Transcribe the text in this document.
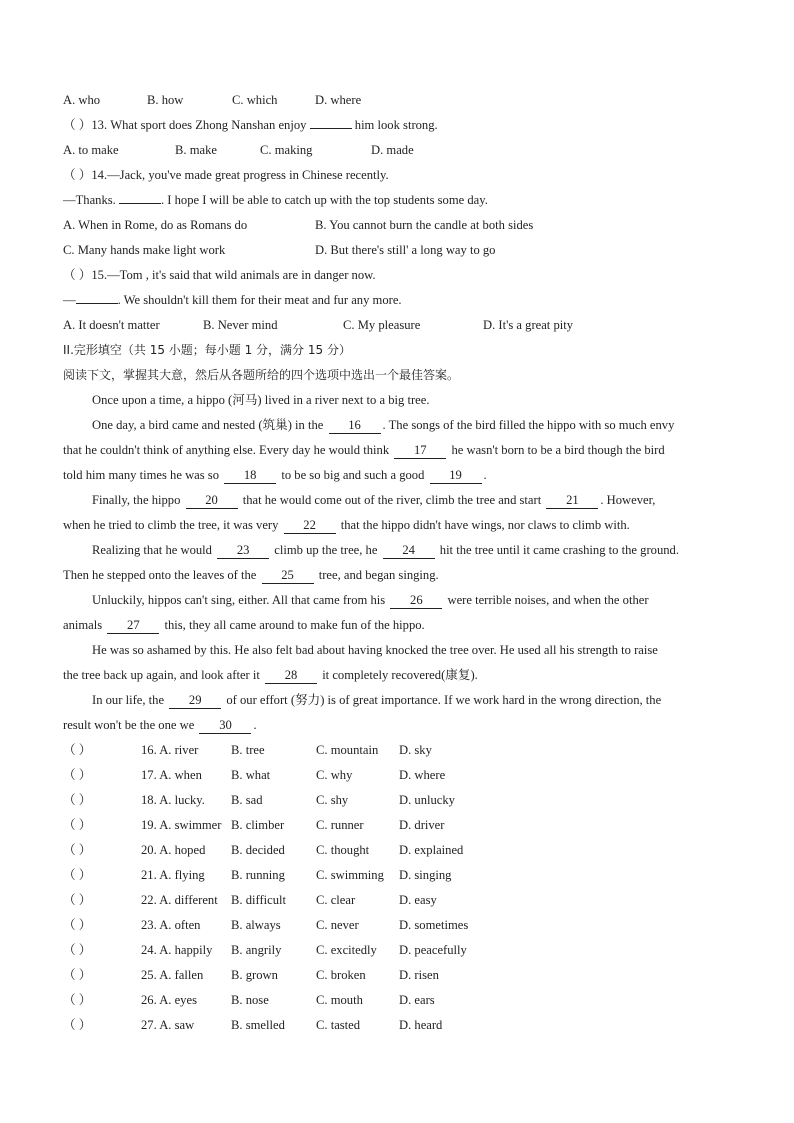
A. who	B. how	C. which	D. where
（ ）13. What sport does Zhong Nanshan enjoy	him look strong.
A. to make	B. make	C. making	D. made
（ ）14.—Jack, you've made great progress in Chinese recently.
—Thanks.	. I hope I will be able to catch up with the top students some day.
A. When in Rome, do as Romans do	B. You cannot burn the candle at both sides
C. Many hands make light work	D. But there's still' a long way to go
（ ）15.—Tom , it's said that wild animals are in danger now.
—	. We shouldn't kill them for their meat and fur any more.
A. It doesn't matter	B. Never mind	C. My pleasure	D. It's a great pity
II.完形填空（共 15 小题；每小题 1 分，满分 15 分）
阅读下文，掌握其大意，然后从各题所给的四个选项中选出一个最佳答案。
Once upon a time, a hippo (河马) lived in a river next to a big tree.
One day, a bird came and nested (筑巢) in the 16 . The songs of the bird filled the hippo with so much envy
that he couldn't think of anything else. Every day he would think 17 he wasn't born to be a bird though the bird
told him many times he was so 18 to be so big and such a good 19 .
Finally, the hippo 20 that he would come out of the river, climb the tree and start 21 . However,
when he tried to climb the tree, it was very 22 that the hippo didn't have wings, nor claws to climb with.
Realizing that he would 23 climb up the tree, he 24 hit the tree until it came crashing to the ground.
Then he stepped onto the leaves of the 25 tree, and began singing.
Unluckily, hippos can't sing, either. All that came from his 26 were terrible noises, and when the other
animals 27 this, they all came around to make fun of the hippo.
He was so ashamed by this. He also felt bad about having knocked the tree over. He used all his strength to raise
the tree back up again, and look after it 28 it completely recovered(康复).
In our life, the 29 of our effort (努力) is of great importance. If we work hard in the wrong direction, the
result won't be the one we 30 .
（ ）	16. A. river	B. tree	C. mountain D. sky
（ ）	17. A. when B. what	C. why	D. where
（ ）	18. A. lucky. B. sad	C. shy	D. unlucky
（ ）	19. A. swimmer B. climber	C. runner	D. driver
（ ）	20. A. hoped B. decided C. thought D. explained
（ ）	21. A. flying B. running C. swimming D. singing
（ ）	22. A. different B. difficult C. clear	D. easy
（ ）	23. A. often B. always	C. never	D. sometimes
（ ）	24. A. happily B. angrily	C. excitedly D. peacefully
（ ）	25. A. fallen B. grown	C. broken	D. risen
（ ）	26. A. eyes	B. nose	C. mouth	D. ears
（ ）	27. A. saw	B. smelled C. tasted	D. heard
